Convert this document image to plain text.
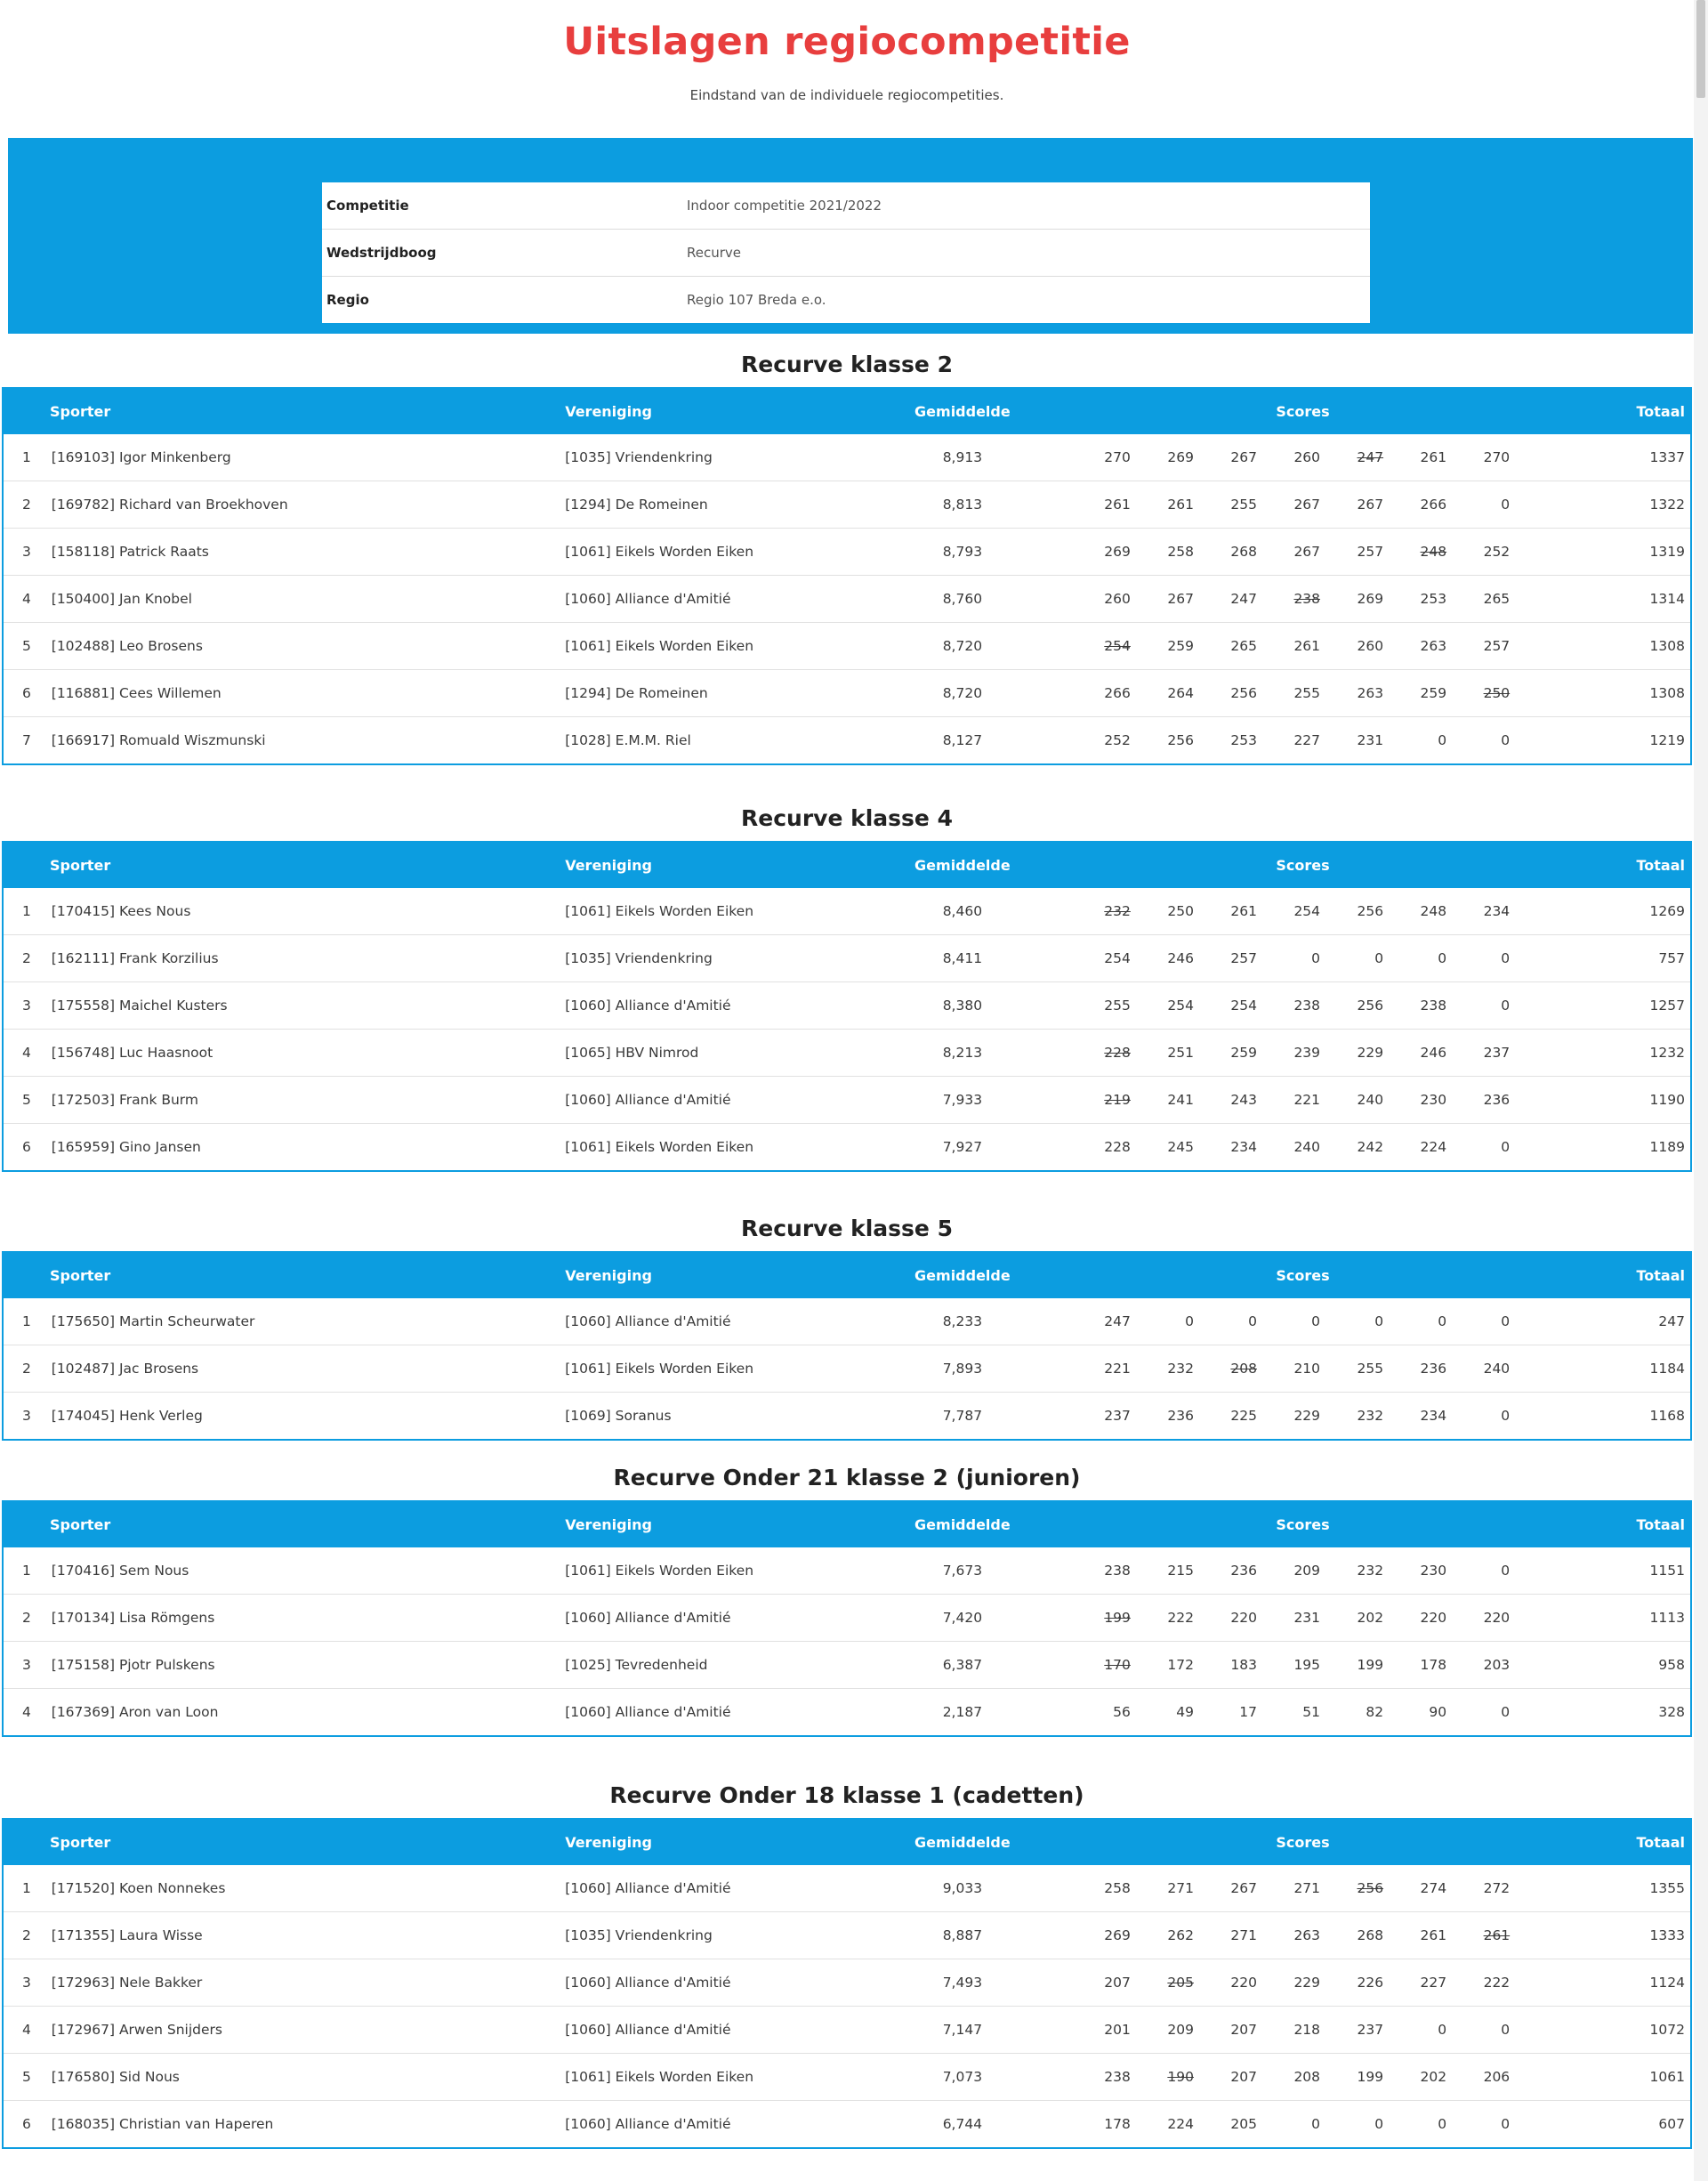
Uitslagen regiocompetitie
Eindstand van de individuele regiocompetities.
Competitie	Indoor competitie 2021/2022
Wedstrijdboog	Recurve
Regio	Regio 107 Breda e.o.
Recurve klasse 2
Sporter		Vereniging	Gemiddelde	Scores							Totaal
1	[169103] Igor Minkenberg	[1035] Vriendenkring	8,913	270	269	267	260	247	261	270	1337
2	[169782] Richard van Broekhoven	[1294] De Romeinen	8,813	261	261	255	267	267	266	0	1322
3	[158118] Patrick Raats	[1061] Eikels Worden Eiken	8,793	269	258	268	267	257	248	252	1319
4	[150400] Jan Knobel	[1060] Alliance d'Amitié	8,760	260	267	247	238	269	253	265	1314
5	[102488] Leo Brosens	[1061] Eikels Worden Eiken	8,720	254	259	265	261	260	263	257	1308
6	[116881] Cees Willemen	[1294] De Romeinen	8,720	266	264	256	255	263	259	250	1308
7	[166917] Romuald Wiszmunski	[1028] E.M.M. Riel	8,127	252	256	253	227	231	0	0	1219
Recurve klasse 4
Sporter		Vereniging	Gemiddelde	Scores							Totaal
1	[170415] Kees Nous	[1061] Eikels Worden Eiken	8,460	232	250	261	254	256	248	234	1269
2	[162111] Frank Korzilius	[1035] Vriendenkring	8,411	254	246	257	0	0	0	0	757
3	[175558] Maichel Kusters	[1060] Alliance d'Amitié	8,380	255	254	254	238	256	238	0	1257
4	[156748] Luc Haasnoot	[1065] HBV Nimrod	8,213	228	251	259	239	229	246	237	1232
5	[172503] Frank Burm	[1060] Alliance d'Amitié	7,933	219	241	243	221	240	230	236	1190
6	[165959] Gino Jansen	[1061] Eikels Worden Eiken	7,927	228	245	234	240	242	224	0	1189
Recurve klasse 5
Sporter		Vereniging	Gemiddelde	Scores							Totaal
1	[175650] Martin Scheurwater	[1060] Alliance d'Amitié	8,233	247	0	0	0	0	0	0	247
2	[102487] Jac Brosens	[1061] Eikels Worden Eiken	7,893	221	232	208	210	255	236	240	1184
3	[174045] Henk Verleg	[1069] Soranus	7,787	237	236	225	229	232	234	0	1168
Recurve Onder 21 klasse 2 (junioren)
Sporter		Vereniging	Gemiddelde	Scores							Totaal
1	[170416] Sem Nous	[1061] Eikels Worden Eiken	7,673	238	215	236	209	232	230	0	1151
2	[170134] Lisa Römgens	[1060] Alliance d'Amitié	7,420	199	222	220	231	202	220	220	1113
3	[175158] Pjotr Pulskens	[1025] Tevredenheid	6,387	170	172	183	195	199	178	203	958
4	[167369] Aron van Loon	[1060] Alliance d'Amitié	2,187	56	49	17	51	82	90	0	328
Recurve Onder 18 klasse 1 (cadetten)
Sporter		Vereniging	Gemiddelde	Scores							Totaal
1	[171520] Koen Nonnekes	[1060] Alliance d'Amitié	9,033	258	271	267	271	256	274	272	1355
2	[171355] Laura Wisse	[1035] Vriendenkring	8,887	269	262	271	263	268	261	261	1333
3	[172963] Nele Bakker	[1060] Alliance d'Amitié	7,493	207	205	220	229	226	227	222	1124
4	[172967] Arwen Snijders	[1060] Alliance d'Amitié	7,147	201	209	207	218	237	0	0	1072
5	[176580] Sid Nous	[1061] Eikels Worden Eiken	7,073	238	190	207	208	199	202	206	1061
6	[168035] Christian van Haperen	[1060] Alliance d'Amitié	6,744	178	224	205	0	0	0	0	607
